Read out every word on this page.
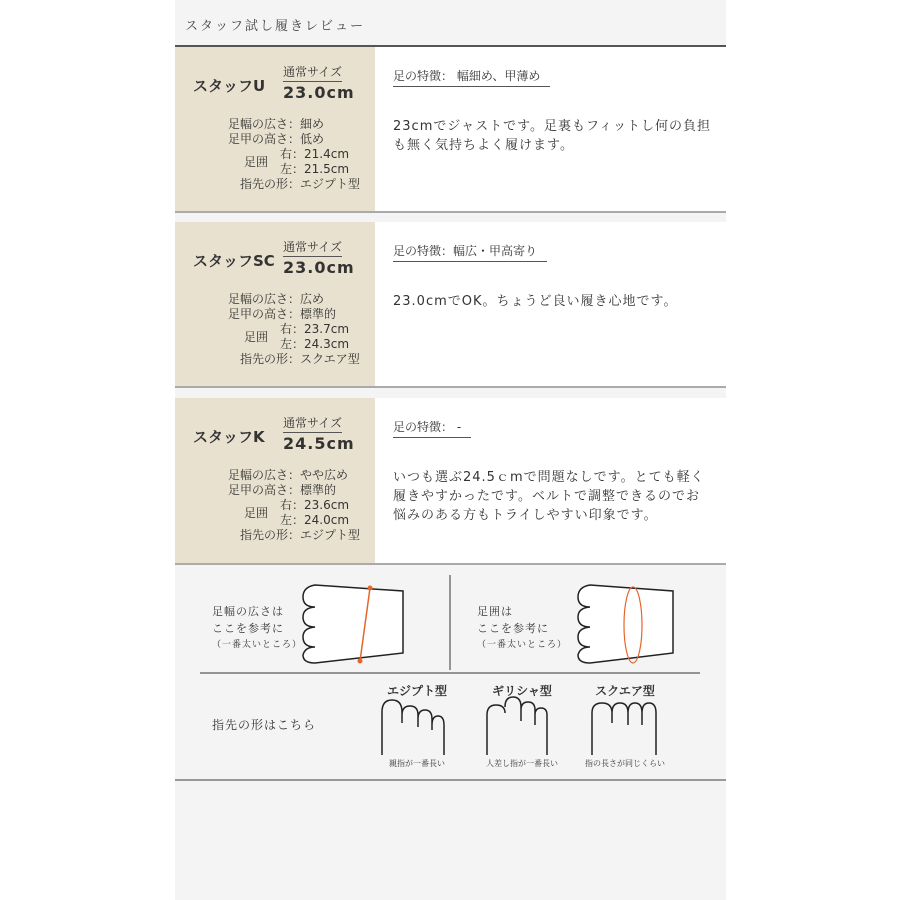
スタッフ試し履きレビュー
スタッフU
通常サイズ
23.0cm
足幅の広さ： 細め
足甲の高さ： 低め
足囲
右：21.4cm
左：21.5cm
指先の形： エジプト型
足の特徴： 幅細め、甲薄め
23cmでジャストです。足裏もフィットし何の負担も無く気持ちよく履けます。
スタッフSC
通常サイズ
23.0cm
足幅の広さ： 広め
足甲の高さ： 標準的
足囲
右：23.7cm
左：24.3cm
指先の形： スクエア型
足の特徴：幅広・甲高寄り
23.0cmでOK。ちょうど良い履き心地です。
スタッフK
通常サイズ
24.5cm
足幅の広さ： やや広め
足甲の高さ： 標準的
足囲
右：23.6cm
左：24.0cm
指先の形： エジプト型
足の特徴： -
いつも選ぶ24.5ｃmで問題なしです。とても軽く履きやすかったです。ベルトで調整できるのでお悩みのある方もトライしやすい印象です。
足幅の広さは
ここを参考に
（一番太いところ）
足囲は
ここを参考に
（一番太いところ）
指先の形はこちら
エジプト型	ギリシャ型	スクエア型
親指が一番長い	人差し指が一番長い	指の長さが同じくらい
